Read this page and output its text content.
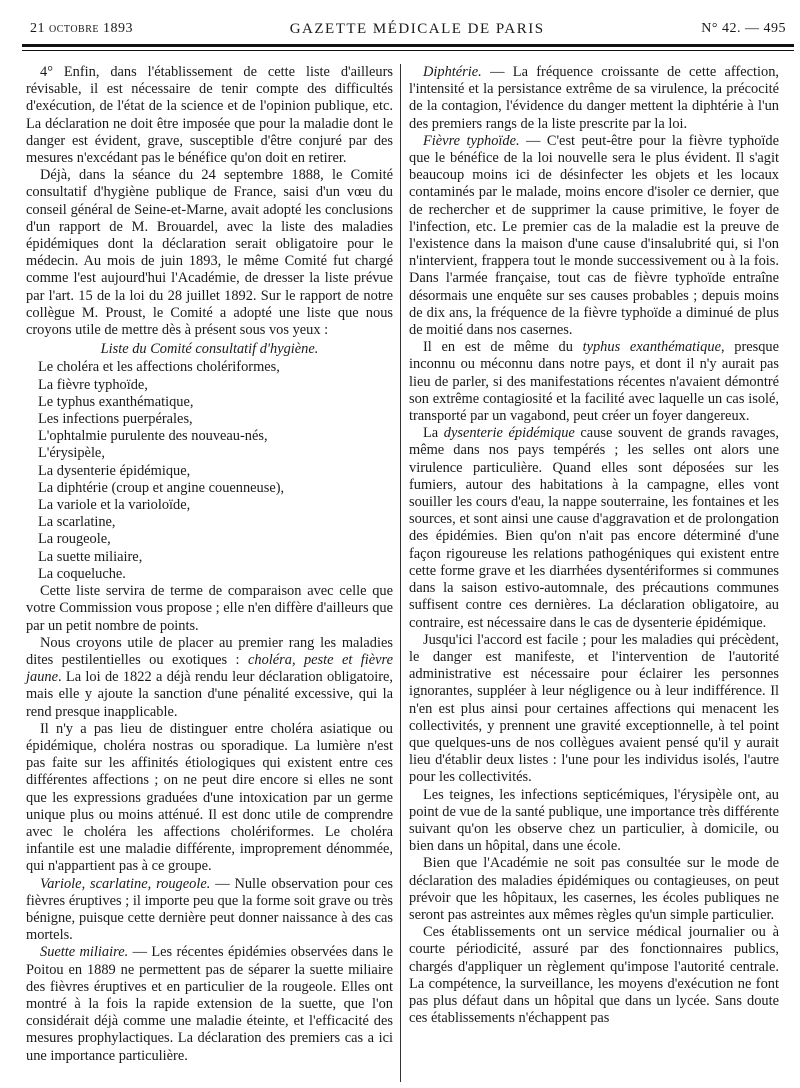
21 octobre 1893	GAZETTE MÉDICALE DE PARIS	N° 42. — 495

4° Enfin, dans l'établissement de cette liste d'ailleurs révisable, il est nécessaire de tenir compte des difficultés d'exécution, de l'état de la science et de l'opinion publique, etc. La déclaration ne doit être imposée que pour la maladie dont le danger est évident, grave, susceptible d'être conjuré par des mesures n'excédant pas le bénéfice qu'on doit en retirer.

Déjà, dans la séance du 24 septembre 1888, le Comité consultatif d'hygiène publique de France, saisi d'un vœu du conseil général de Seine-et-Marne, avait adopté les conclusions d'un rapport de M. Brouardel, avec la liste des maladies épidémiques dont la déclaration serait obligatoire pour le médecin. Au mois de juin 1893, le même Comité fut chargé comme l'est aujourd'hui l'Académie, de dresser la liste prévue par l'art. 15 de la loi du 28 juillet 1892. Sur le rapport de notre collègue M. Proust, le Comité a adopté une liste que nous croyons utile de mettre dès à présent sous vos yeux :

Liste du Comité consultatif d'hygiène.
Le choléra et les affections cholériformes,
La fièvre typhoïde,
Le typhus exanthématique,
Les infections puerpérales,
L'ophtalmie purulente des nouveau-nés,
L'érysipèle,
La dysenterie épidémique,
La diphtérie (croup et angine couenneuse),
La variole et la varioloïde,
La scarlatine,
La rougeole,
La suette miliaire,
La coqueluche.

Cette liste servira de terme de comparaison avec celle que votre Commission vous propose ; elle n'en diffère d'ailleurs que par un petit nombre de points.

Nous croyons utile de placer au premier rang les maladies dites pestilentielles ou exotiques : choléra, peste et fièvre jaune. La loi de 1822 a déjà rendu leur déclaration obligatoire, mais elle y ajoute la sanction d'une pénalité excessive, qui la rend presque inapplicable.

Il n'y a pas lieu de distinguer entre choléra asiatique ou épidémique, choléra nostras ou sporadique. La lumière n'est pas faite sur les affinités étiologiques qui existent entre ces différentes affections ; on ne peut dire encore si elles ne sont que les expressions graduées d'une intoxication par un germe unique plus ou moins atténué. Il est donc utile de comprendre avec le choléra les affections cholériformes. Le choléra infantile est une maladie différente, improprement dénommée, qui n'appartient pas à ce groupe.

Variole, scarlatine, rougeole. — Nulle observation pour ces fièvres éruptives ; il importe peu que la forme soit grave ou très bénigne, puisque cette dernière peut donner naissance à des cas mortels.

Suette miliaire. — Les récentes épidémies observées dans le Poitou en 1889 ne permettent pas de séparer la suette miliaire des fièvres éruptives et en particulier de la rougeole. Elles ont montré à la fois la rapide extension de la suette, que l'on considérait déjà comme une maladie éteinte, et l'efficacité des mesures prophylactiques. La déclaration des premiers cas a ici une importance particulière.

Diphtérie. — La fréquence croissante de cette affection, l'intensité et la persistance extrême de sa virulence, la précocité de la contagion, l'évidence du danger mettent la diphtérie à l'un des premiers rangs de la liste prescrite par la loi.

Fièvre typhoïde. — C'est peut-être pour la fièvre typhoïde que le bénéfice de la loi nouvelle sera le plus évident. Il s'agit beaucoup moins ici de désinfecter les objets et les locaux contaminés par le malade, moins encore d'isoler ce dernier, que de rechercher et de supprimer la cause primitive, le foyer de l'infection, etc. Le premier cas de la maladie est la preuve de l'existence dans la maison d'une cause d'insalubrité qui, si l'on n'intervient, frappera tout le monde successivement ou à la fois. Dans l'armée française, tout cas de fièvre typhoïde entraîne désormais une enquête sur ses causes probables ; depuis moins de dix ans, la fréquence de la fièvre typhoïde a diminué de plus de moitié dans nos casernes.

Il en est de même du typhus exanthématique, presque inconnu ou méconnu dans notre pays, et dont il n'y aurait pas lieu de parler, si des manifestations récentes n'avaient démontré son extrême contagiosité et la facilité avec laquelle un cas isolé, transporté par un vagabond, peut créer un foyer dangereux.

La dysenterie épidémique cause souvent de grands ravages, même dans nos pays tempérés ; les selles ont alors une virulence particulière. Quand elles sont déposées sur les fumiers, autour des habitations à la campagne, elles vont souiller les cours d'eau, la nappe souterraine, les fontaines et les sources, et sont ainsi une cause d'aggravation et de prolongation des épidémies. Bien qu'on n'ait pas encore déterminé d'une façon rigoureuse les relations pathogéniques qui existent entre cette forme grave et les diarrhées dysentériformes si communes dans la saison estivo-automnale, des précautions communes suffisent contre ces dernières. La déclaration obligatoire, au contraire, est nécessaire dans le cas de dysenterie épidémique.

Jusqu'ici l'accord est facile ; pour les maladies qui précèdent, le danger est manifeste, et l'intervention de l'autorité administrative est nécessaire pour éclairer les personnes ignorantes, suppléer à leur négligence ou à leur indifférence. Il n'en est plus ainsi pour certaines affections qui menacent les collectivités, y prennent une gravité exceptionnelle, à tel point que quelques-uns de nos collègues avaient pensé qu'il y aurait lieu d'établir deux listes : l'une pour les individus isolés, l'autre pour les collectivités.

Les teignes, les infections septicémiques, l'érysipèle ont, au point de vue de la santé publique, une importance très différente suivant qu'on les observe chez un particulier, à domicile, ou bien dans un hôpital, dans une école.

Bien que l'Académie ne soit pas consultée sur le mode de déclaration des maladies épidémiques ou contagieuses, on peut prévoir que les hôpitaux, les casernes, les écoles publiques ne seront pas astreintes aux mêmes règles qu'un simple particulier.

Ces établissements ont un service médical journalier ou à courte périodicité, assuré par des fonctionnaires publics, chargés d'appliquer un règlement qu'impose l'autorité centrale. La compétence, la surveillance, les moyens d'exécution ne font pas plus défaut dans un hôpital que dans un lycée. Sans doute ces établissements n'échappent pas
